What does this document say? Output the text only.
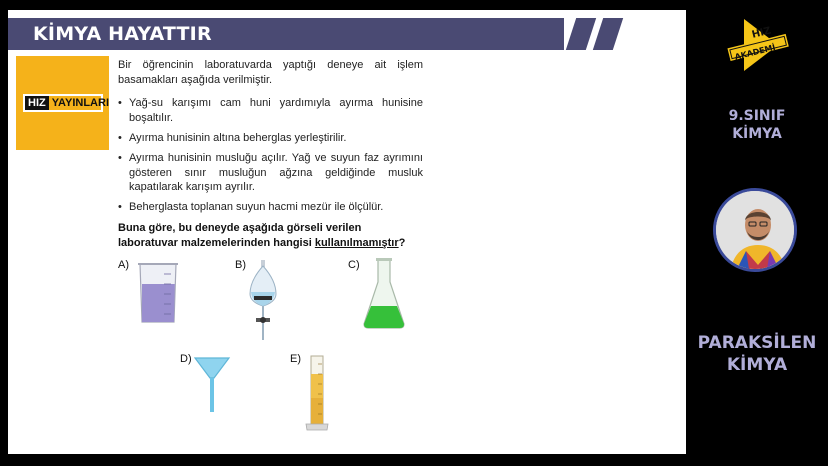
KİMYA HAYATTIR
HIZ YAYINLARI
Bir öğrencinin laboratuvarda yaptığı deneye ait işlem basamakları aşağıda verilmiştir.
• Yağ-su karışımı cam huni yardımıyla ayırma hunisine boşaltılır.
• Ayırma hunisinin altına beherglas yerleştirilir.
• Ayırma hunisinin musluğu açılır. Yağ ve suyun faz ayrımını gösteren sınır musluğun ağzına geldiğinde musluk kapatılarak karışım ayrılır.
• Beherglasta toplanan suyun hacmi mezür ile ölçülür.
Buna göre, bu deneyde aşağıda görseli verilen laboratuvar malzemelerinden hangisi kullanılmamıştır?
A)	B)	C)
D)	E)
HIZ
AKADEMİ
9.SINIF
KİMYA
PARAKSİLEN
KİMYA
